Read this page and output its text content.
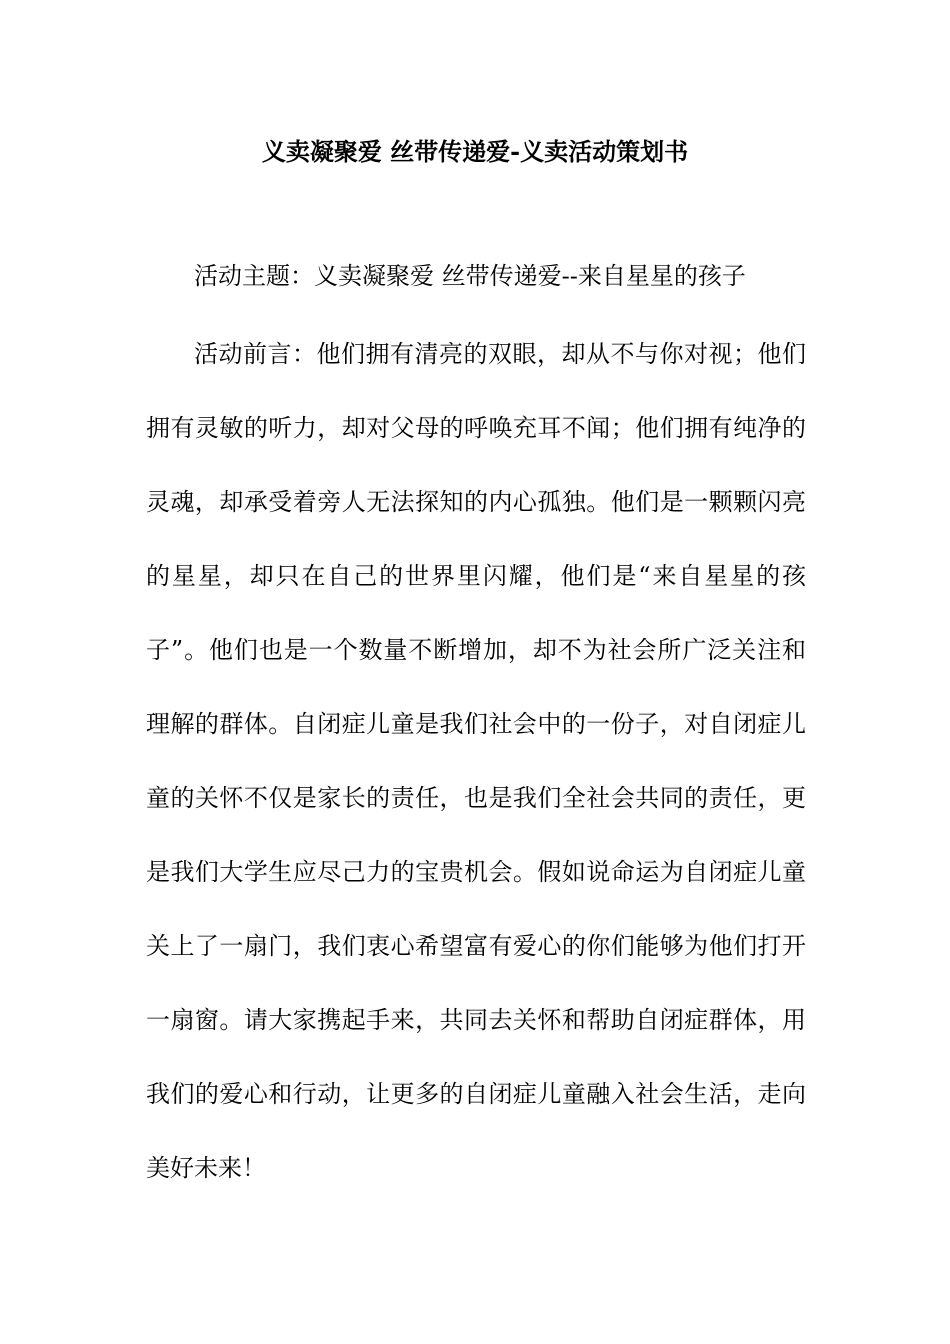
义卖凝聚爱 丝带传递爱-义卖活动策划书
活动主题：义卖凝聚爱 丝带传递爱--来自星星的孩子
活动前言：他们拥有清亮的双眼，却从不与你对视；他们
拥有灵敏的听力，却对父母的呼唤充耳不闻；他们拥有纯净的
灵魂，却承受着旁人无法探知的内心孤独。他们是一颗颗闪亮
的星星，却只在自己的世界里闪耀，他们是“来自星星的孩
子”。他们也是一个数量不断增加，却不为社会所广泛关注和
理解的群体。自闭症儿童是我们社会中的一份子，对自闭症儿
童的关怀不仅是家长的责任，也是我们全社会共同的责任，更
是我们大学生应尽己力的宝贵机会。假如说命运为自闭症儿童
关上了一扇门，我们衷心希望富有爱心的你们能够为他们打开
一扇窗。请大家携起手来，共同去关怀和帮助自闭症群体，用
我们的爱心和行动，让更多的自闭症儿童融入社会生活，走向
美好未来！
